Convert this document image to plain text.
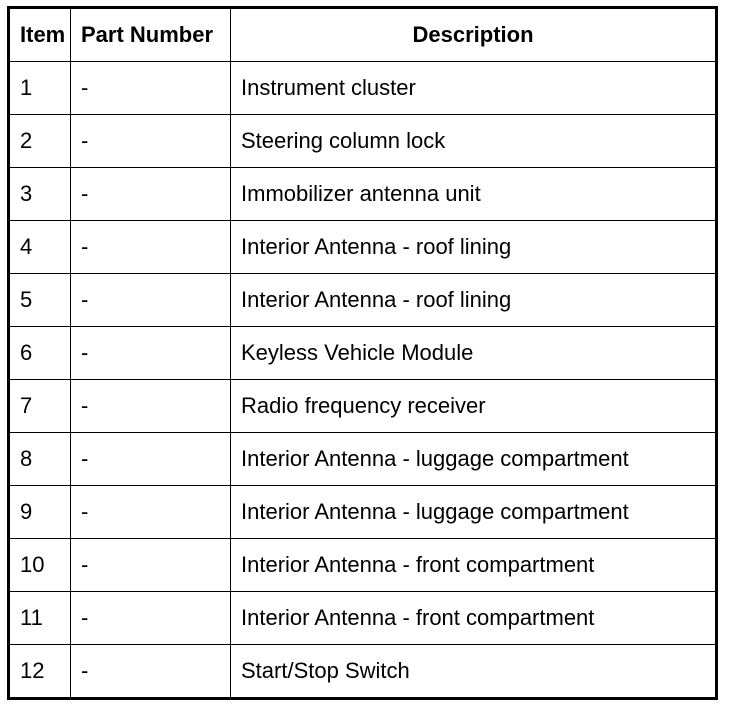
Item	Part Number	Description
1	-	Instrument cluster
2	-	Steering column lock
3	-	Immobilizer antenna unit
4	-	Interior Antenna - roof lining
5	-	Interior Antenna - roof lining
6	-	Keyless Vehicle Module
7	-	Radio frequency receiver
8	-	Interior Antenna - luggage compartment
9	-	Interior Antenna - luggage compartment
10	-	Interior Antenna - front compartment
11	-	Interior Antenna - front compartment
12	-	Start/Stop Switch
